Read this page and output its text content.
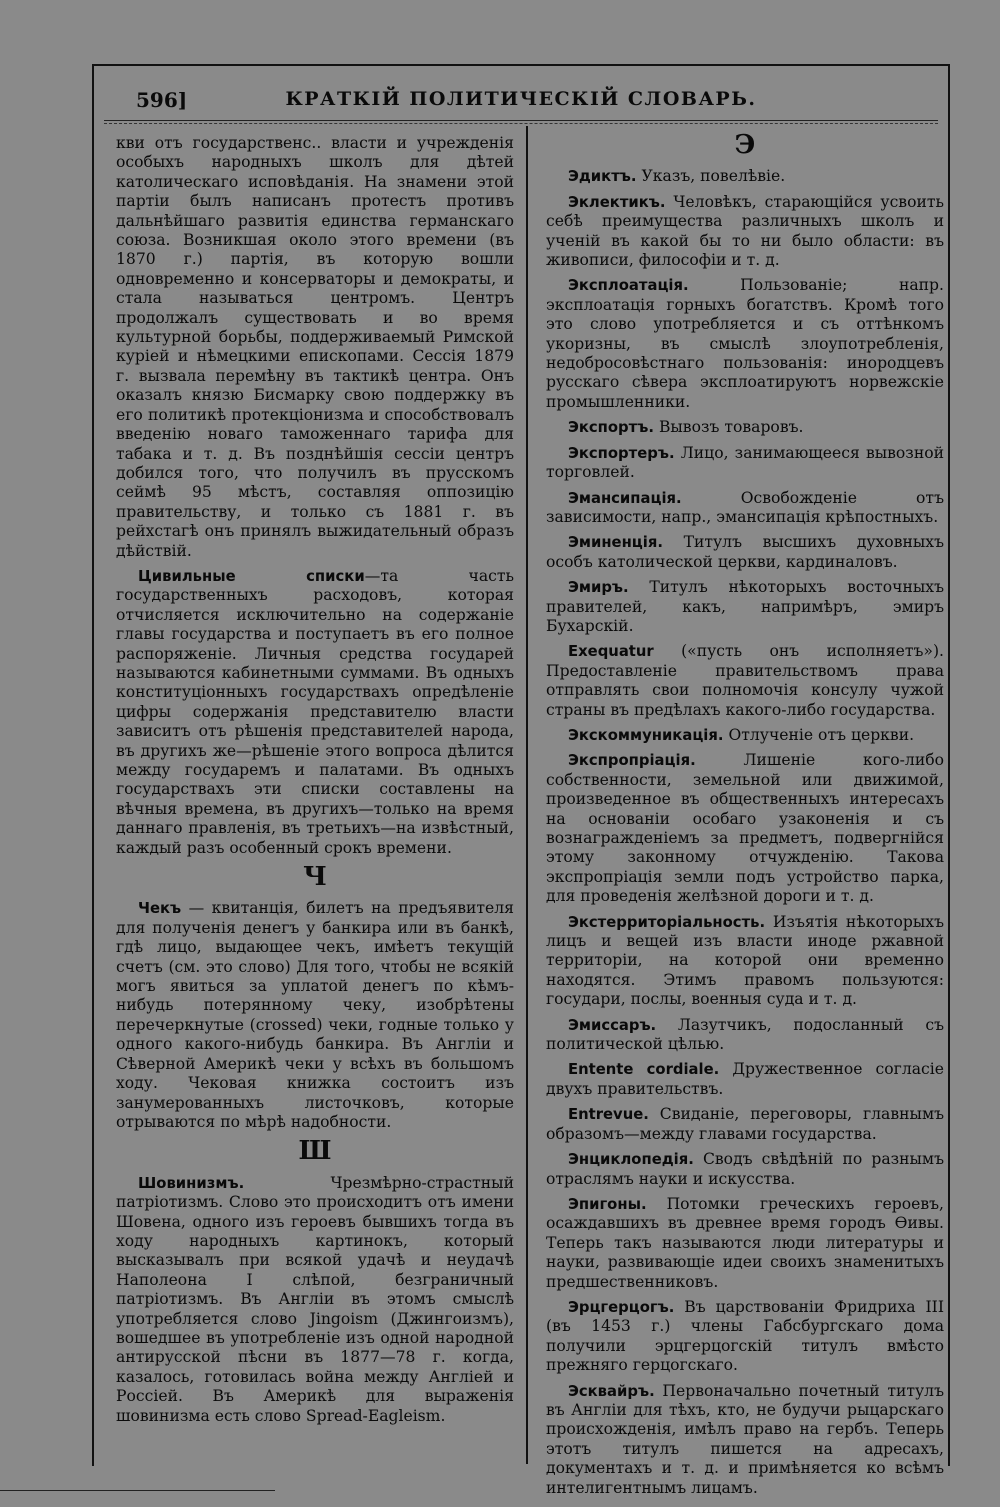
КРАТКІЙ ПОЛИТИЧЕСКІЙ СЛОВАРЬ.
596]

кви отъ государственс.. власти и учрежденія особыхъ народныхъ школъ для дѣтей католическаго исповѣданія. На знамени этой партіи былъ написанъ протестъ противъ дальнѣйшаго развитія единства германскаго союза. Возникшая около этого времени (въ 1870 г.) партія, въ которую вошли одновременно и консерваторы и демократы, и стала называться центромъ. Центръ продолжалъ существовать и во время культурной борьбы, поддерживаемый Римской куріей и нѣмецкими епископами. Сессія 1879 г. вызвала перемѣну въ тактикѣ центра. Онъ оказалъ князю Бисмарку свою поддержку въ его политикѣ протекціонизма и способствовалъ введенію новаго таможеннаго тарифа для табака и т. д. Въ позднѣйшія сессіи центръ добился того, что получилъ въ прусскомъ сеймѣ 95 мѣстъ, составляя оппозицію правительству, и только съ 1881 г. въ рейхстагѣ онъ принялъ выжидательный образъ дѣйствій.

Цивильные списки—та часть государственныхъ расходовъ, которая отчисляется исключительно на содержаніе главы государства и поступаетъ въ его полное распоряженіе. Личныя средства государей называются кабинетными суммами. Въ одныхъ конституціонныхъ государствахъ опредѣленіе цифры содержанія представителю власти зависитъ отъ рѣшенія представителей народа, въ другихъ же—рѣшеніе этого вопроса дѣлится между государемъ и палатами. Въ одныхъ государствахъ эти списки составлены на вѣчныя времена, въ другихъ—только на время даннаго правленія, въ третьихъ—на извѣстный, каждый разъ особенный срокъ времени.

Ч

Чекъ — квитанція, билетъ на предъявителя для полученія денегъ у банкира или въ банкѣ, гдѣ лицо, выдающее чекъ, имѣетъ текущій счетъ (см. это слово) Для того, чтобы не всякій могъ явиться за уплатой денегъ по кѣмъ-нибудь потерянному чеку, изобрѣтены перечеркнутые (crossed) чеки, годные только у одного какого-нибудь банкира. Въ Англіи и Сѣверной Америкѣ чеки у всѣхъ въ большомъ ходу. Чековая книжка состоитъ изъ занумерованныхъ листочковъ, которые отрываются по мѣрѣ надобности.

Ш

Шовинизмъ. Чрезмѣрно-страстный патріотизмъ. Слово это происходитъ отъ имени Шовена, одного изъ героевъ бывшихъ тогда въ ходу народныхъ картинокъ, который высказывалъ при всякой удачѣ и неудачѣ Наполеона I слѣпой, безграничный патріотизмъ. Въ Англіи въ этомъ смыслѣ употребляется слово Jingoism (Джингоизмъ), вошедшее въ употребленіе изъ одной народной антирусской пѣсни въ 1877—78 г. когда, казалось, готовилась война между Англіей и Россіей. Въ Америкѣ для выраженія шовинизма есть слово Spread-Eagleism.

Э

Эдиктъ. Указъ, повелѣвіе.

Эклектикъ. Человѣкъ, старающійся усвоить себѣ преимущества различныхъ школъ и ученій въ какой бы то ни было области: въ живописи, философіи и т. д.

Эксплоатація. Пользованіе; напр. эксплоатація горныхъ богатствъ. Кромѣ того это слово употребляется и съ оттѣнкомъ укоризны, въ смыслѣ злоупотребленія, недобросовѣстнаго пользованія: инородцевъ русскаго сѣвера эксплоатируютъ норвежскіе промышленники.

Экспортъ. Вывозъ товаровъ.

Экспортеръ. Лицо, занимающееся вывозной торговлей.

Эмансипація. Освобожденіе отъ зависимости, напр., эмансипація крѣпостныхъ.

Эминенція. Титулъ высшихъ духовныхъ особъ католической церкви, кардиналовъ.

Эмиръ. Титулъ нѣкоторыхъ восточныхъ правителей, какъ, напримѣръ, эмиръ Бухарскій.

Exequatur («пусть онъ исполняетъ»). Предоставленіе правительствомъ права отправлять свои полномочія консулу чужой страны въ предѣлахъ какого-либо государства.

Экскоммуникація. Отлученіе отъ церкви.

Экспропріація. Лишеніе кого-либо собственности, земельной или движимой, произведенное въ общественныхъ интересахъ на основаніи особаго узаконенія и съ вознагражденіемъ за предметъ, подвергнійся этому законному отчужденію. Такова экспропріація земли подъ устройство парка, для проведенія желѣзной дороги и т. д.

Экстерриторіальность. Изъятія нѣкоторыхъ лицъ и вещей изъ власти иноде ржавной территоріи, на которой они временно находятся. Этимъ правомъ пользуются: государи, послы, военныя суда и т. д.

Эмиссаръ. Лазутчикъ, подосланный съ политической цѣлью.

Entente cordiale. Дружественное согласіе двухъ правительствъ.

Entrevue. Свиданіе, переговоры, главнымъ образомъ—между главами государства.

Энциклопедія. Сводъ свѣдѣній по разнымъ отраслямъ науки и искусства.

Эпигоны. Потомки греческихъ героевъ, осаждавшихъ въ древнее время городъ Ѳивы. Теперь такъ называются люди литературы и науки, развивающіе идеи своихъ знаменитыхъ предшественниковъ.

Эрцгерцогъ. Въ царствованіи Фридриха III (въ 1453 г.) члены Габсбургскаго дома получили эрцгерцогскій титулъ вмѣсто прежняго герцогскаго.

Эсквайръ. Первоначально почетный титулъ въ Англіи для тѣхъ, кто, не будучи рыцарскаго происхожденія, имѣлъ право на гербъ. Теперь этотъ титулъ пишется на адресахъ, документахъ и т. д. и примѣняется ко всѣмъ интелигентнымъ лицамъ.
